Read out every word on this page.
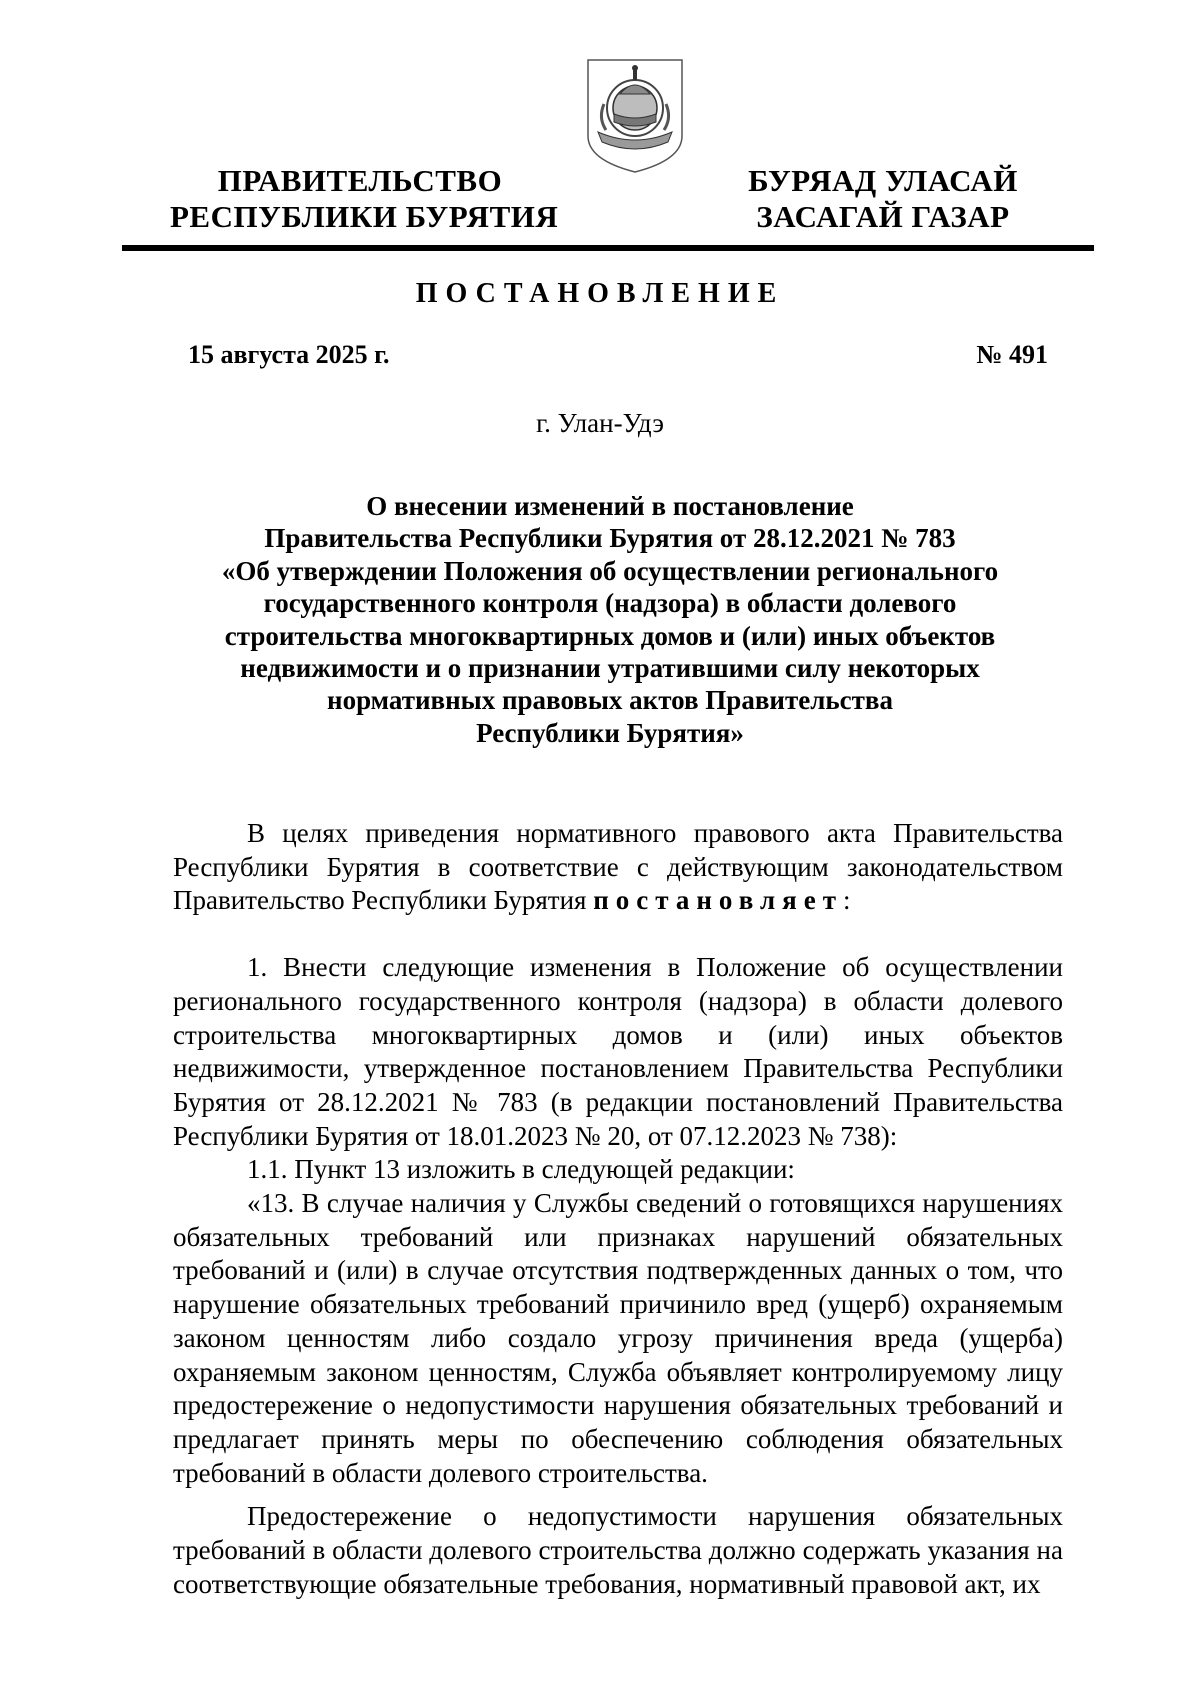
ПРАВИТЕЛЬСТВО
РЕСПУБЛИКИ БУРЯТИЯ
БУРЯАД УЛАСАЙ
ЗАСАГАЙ ГАЗАР
ПОСТАНОВЛЕНИЕ
15 августа 2025 г.	№ 491
г. Улан-Удэ
О внесении изменений в постановление
Правительства Республики Бурятия от 28.12.2021 № 783
«Об утверждении Положения об осуществлении регионального
государственного контроля (надзора) в области долевого
строительства многоквартирных домов и (или) иных объектов
недвижимости и о признании утратившими силу некоторых
нормативных правовых актов Правительства
Республики Бурятия»

В целях приведения нормативного правового акта Правительства Республики Бурятия в соответствие с действующим законодательством Правительство Республики Бурятия постановляет:

1. Внести следующие изменения в Положение об осуществлении регионального государственного контроля (надзора) в области долевого строительства многоквартирных домов и (или) иных объектов недвижимости, утвержденное постановлением Правительства Республики Бурятия от 28.12.2021 № 783 (в редакции постановлений Правительства Республики Бурятия от 18.01.2023 № 20, от 07.12.2023 № 738):

1.1. Пункт 13 изложить в следующей редакции:

«13. В случае наличия у Службы сведений о готовящихся нарушениях обязательных требований или признаках нарушений обязательных требований и (или) в случае отсутствия подтвержденных данных о том, что нарушение обязательных требований причинило вред (ущерб) охраняемым законом ценностям либо создало угрозу причинения вреда (ущерба) охраняемым законом ценностям, Служба объявляет контролируемому лицу предостережение о недопустимости нарушения обязательных требований и предлагает принять меры по обеспечению соблюдения обязательных требований в области долевого строительства.

Предостережение о недопустимости нарушения обязательных требований в области долевого строительства должно содержать указания на соответствующие обязательные требования, нормативный правовой акт, их
